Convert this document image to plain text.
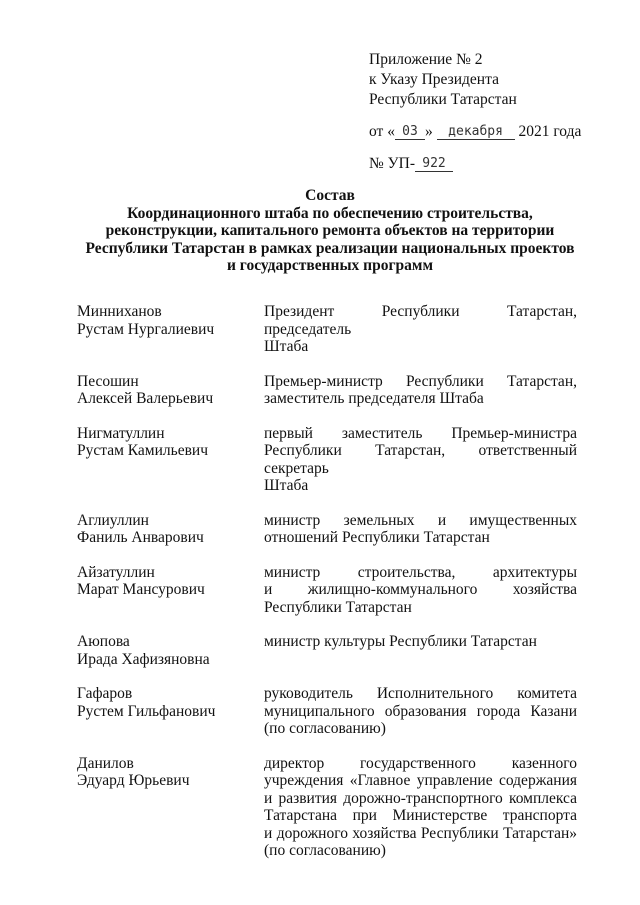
Приложение № 2
к Указу Президента
Республики Татарстан
от « 03 » декабря 2021 года
№ УП- 922
Состав
Координационного штаба по обеспечению строительства,
реконструкции, капитального ремонта объектов на территории
Республики Татарстан в рамках реализации национальных проектов
и государственных программ
Минниханов
Рустам Нургалиевич
Президент Республики Татарстан, председатель
Штаба
Песошин
Алексей Валерьевич
Премьер-министр Республики Татарстан,
заместитель председателя Штаба
Нигматуллин
Рустам Камильевич
первый заместитель Премьер-министра
Республики Татарстан, ответственный секретарь
Штаба
Аглиуллин
Фаниль Анварович
министр земельных и имущественных
отношений Республики Татарстан
Айзатуллин
Марат Мансурович
министр строительства, архитектуры
и жилищно-коммунального хозяйства
Республики Татарстан
Аюпова
Ирада Хафизяновна
министр культуры Республики Татарстан
Гафаров
Рустем Гильфанович
руководитель Исполнительного комитета
муниципального образования города Казани
(по согласованию)
Данилов
Эдуард Юрьевич
директор государственного казенного
учреждения «Главное управление содержания
и развития дорожно-транспортного комплекса
Татарстана при Министерстве транспорта
и дорожного хозяйства Республики Татарстан»
(по согласованию)
